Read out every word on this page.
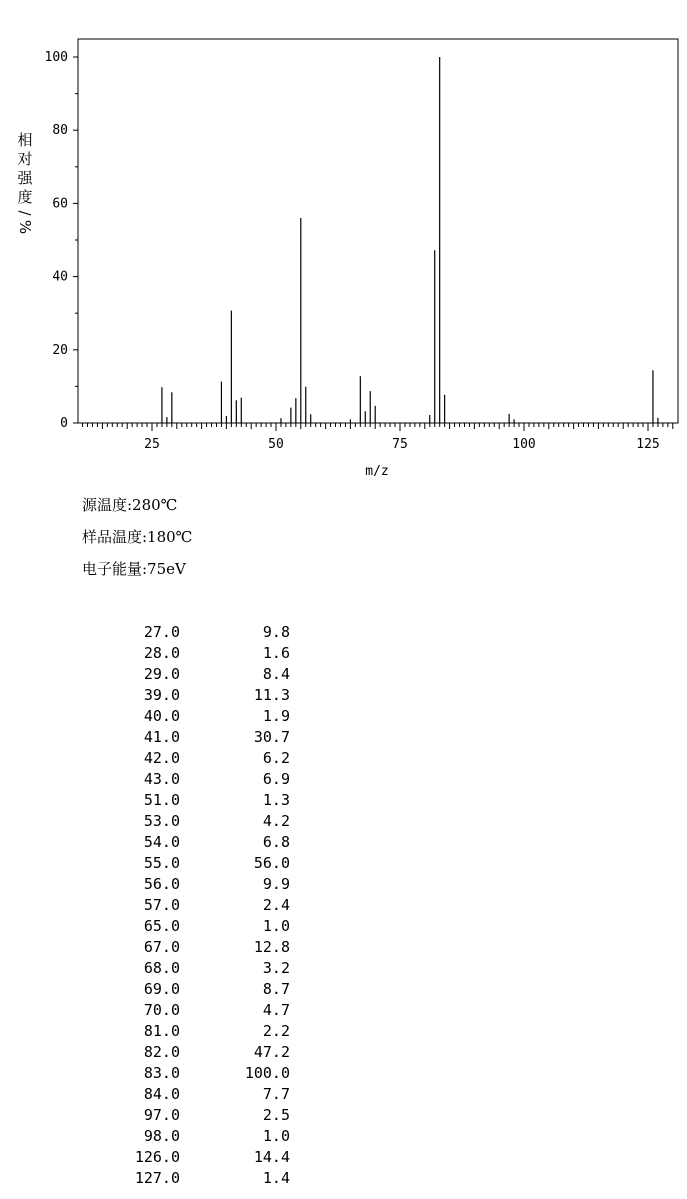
0
20
40
60
80
100
25	50	75	100	125
m/z
相
对
强
度
/
%
源温度:280℃
样品温度:180℃
电子能量:75eV
27.0	9.8
28.0	1.6
29.0	8.4
39.0	11.3
40.0	1.9
41.0	30.7
42.0	6.2
43.0	6.9
51.0	1.3
53.0	4.2
54.0	6.8
55.0	56.0
56.0	9.9
57.0	2.4
65.0	1.0
67.0	12.8
68.0	3.2
69.0	8.7
70.0	4.7
81.0	2.2
82.0	47.2
83.0	100.0
84.0	7.7
97.0	2.5
98.0	1.0
126.0	14.4
127.0	1.4
